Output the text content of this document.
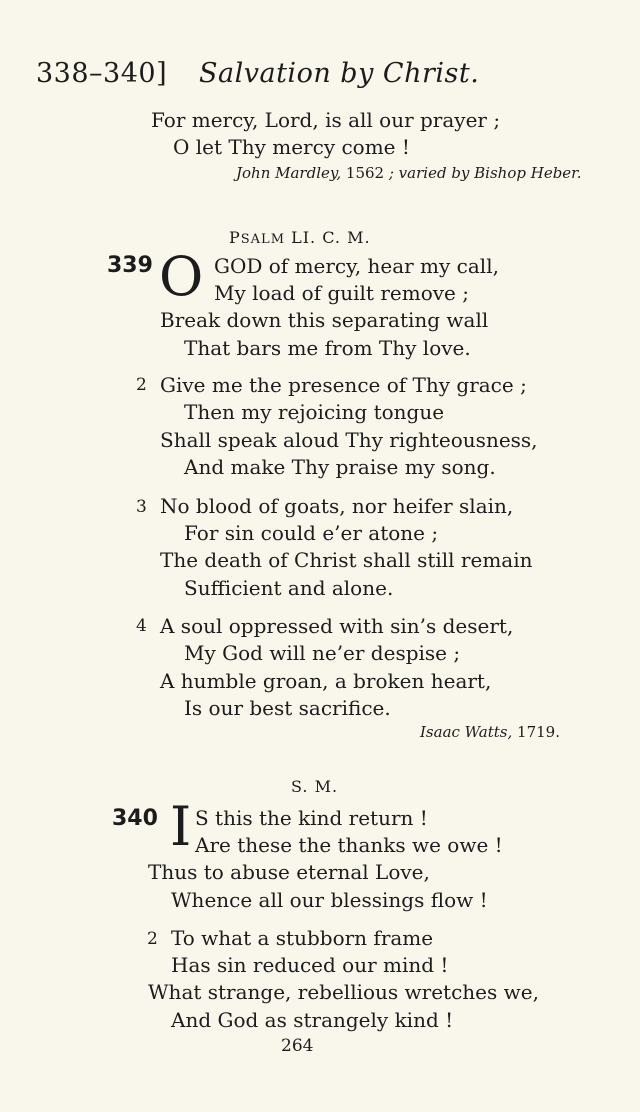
338–340] Salvation by Christ.
For mercy, Lord, is all our prayer ;
O let Thy mercy come !
John Mardley, 1562 ; varied by Bishop Heber.
PSALM LI. C. M.
339 O GOD of mercy, hear my call,
My load of guilt remove ;
Break down this separating wall
That bars me from Thy love.
2 Give me the presence of Thy grace ;
Then my rejoicing tongue
Shall speak aloud Thy righteousness,
And make Thy praise my song.
3 No blood of goats, nor heifer slain,
For sin could e’er atone ;
The death of Christ shall still remain
Sufficient and alone.
4 A soul oppressed with sin’s desert,
My God will ne’er despise ;
A humble groan, a broken heart,
Is our best sacrifice.
Isaac Watts, 1719.
S. M.
340 I S this the kind return !
Are these the thanks we owe !
Thus to abuse eternal Love,
Whence all our blessings flow !
2 To what a stubborn frame
Has sin reduced our mind !
What strange, rebellious wretches we,
And God as strangely kind !
264
